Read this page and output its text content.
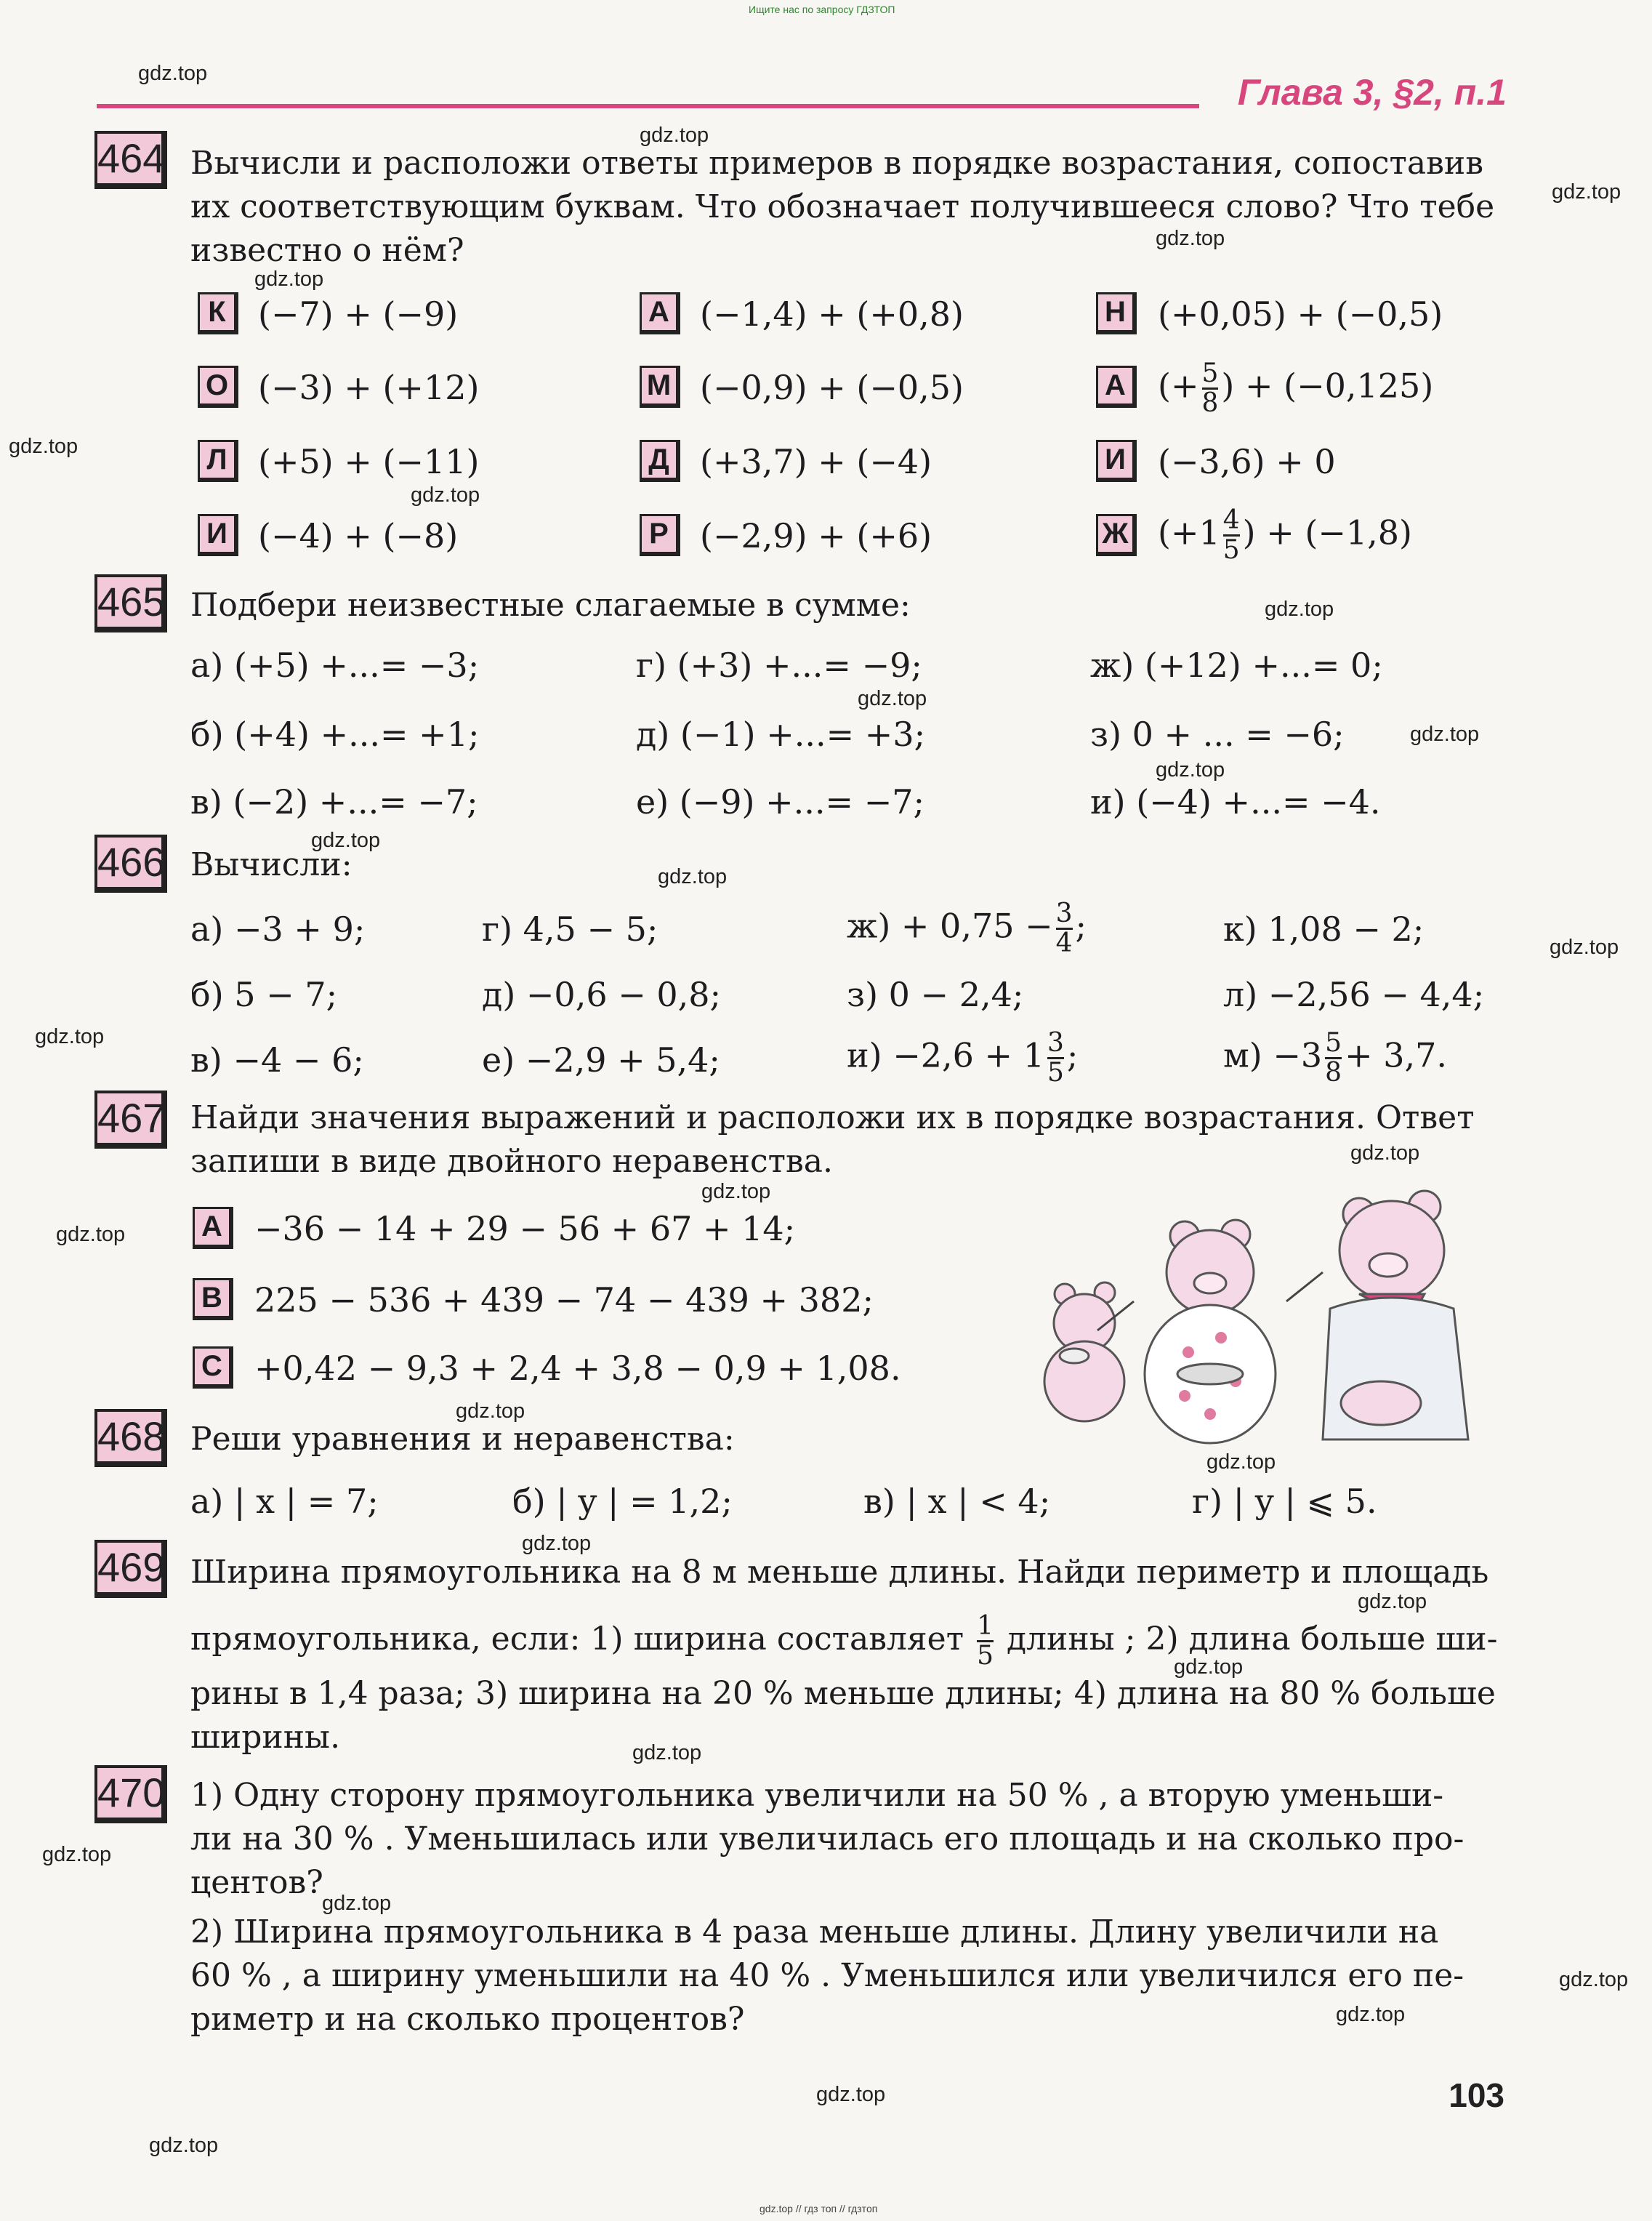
Ищите нас по запросу ГДЗТОП
gdz.top // гдз топ // гдзтоп
Глава 3, §2, п.1
gdz.top
gdz.top
gdz.top
gdz.top
gdz.top
gdz.top
gdz.top
gdz.top
gdz.top
gdz.top
gdz.top
gdz.top
gdz.top
gdz.top
gdz.top
gdz.top
gdz.top
gdz.top
gdz.top
gdz.top
gdz.top
gdz.top
gdz.top
gdz.top
gdz.top
gdz.top
gdz.top
gdz.top
gdz.top
gdz.top
464 Вычисли и расположи ответы примеров в порядке возрастания, сопоставив
их соответствующим буквам. Что обозначает получившееся слово? Что тебе
известно о нём?
К (−7) + (−9)	А (−1,4) + (+0,8)	Н (+0,05) + (−0,5)
О (−3) + (+12)	М (−0,9) + (−0,5)	А (+ $\frac{5}{8}$ ) + (−0,125)
Л (+5) + (−11)	Д (+3,7) + (−4)	И (−3,6) + 0
И (−4) + (−8)	Р (−2,9) + (+6)	Ж ($+1 \frac{4}{5}$ ) + (−1,8)
465 Подбери неизвестные слагаемые в сумме:
а) (+5) +...= −3;	г) (+3) +...= −9;	ж) (+12) +...= 0;
б) (+4) +...= +1;	д) (−1) +...= +3;	з) 0 + ... = −6;
в) (−2) +...= −7;	е) (−9) +...= −7;	и) (−4) +...= −4.
466 Вычисли:
а) −3 + 9;	г) 4,5 − 5;	$ж) + 0,75 - \frac{3}{4}$ ;	к) 1,08 − 2;
б) 5 − 7;	д) −0,6 − 0,8;	з) 0 − 2,4;	л) −2,56 − 4,4;
в) −4 − 6;	е) −2,9 + 5,4;	$и) -2,6 + 1 \frac{3}{5}$ ;	$м) -3 \frac{5}{8} + 3,7$.
467 Найди значения выражений и расположи их в порядке возрастания. Ответ
запиши в виде двойного неравенства.
A −36 − 14 + 29 − 56 + 67 + 14;
B 225 − 536 + 439 − 74 − 439 + 382;
C +0,42 − 9,3 + 2,4 + 3,8 − 0,9 + 1,08.
468 Реши уравнения и неравенства:
а) | x | = 7;	б) | y | = 1,2;	в) | x | < 4;	г) | y | ⩽ 5.
469 Ширина прямоугольника на 8 м меньше длины. Найди периметр и площадь
прямоугольника, если: 1) ширина составляет $\frac{1}{5}$ длины ; 2) длина больше ши-
рины в 1,4 раза; 3) ширина на 20 % меньше длины; 4) длина на 80 % больше
ширины.
470 1) Одну сторону прямоугольника увеличили на 50 % , а вторую уменьши-
ли на 30 % . Уменьшилась или увеличилась его площадь и на сколько про-
центов?
2) Ширина прямоугольника в 4 раза меньше длины. Длину увеличили на
60 % , а ширину уменьшили на 40 % . Уменьшился или увеличился его пе-
риметр и на сколько процентов?
103
